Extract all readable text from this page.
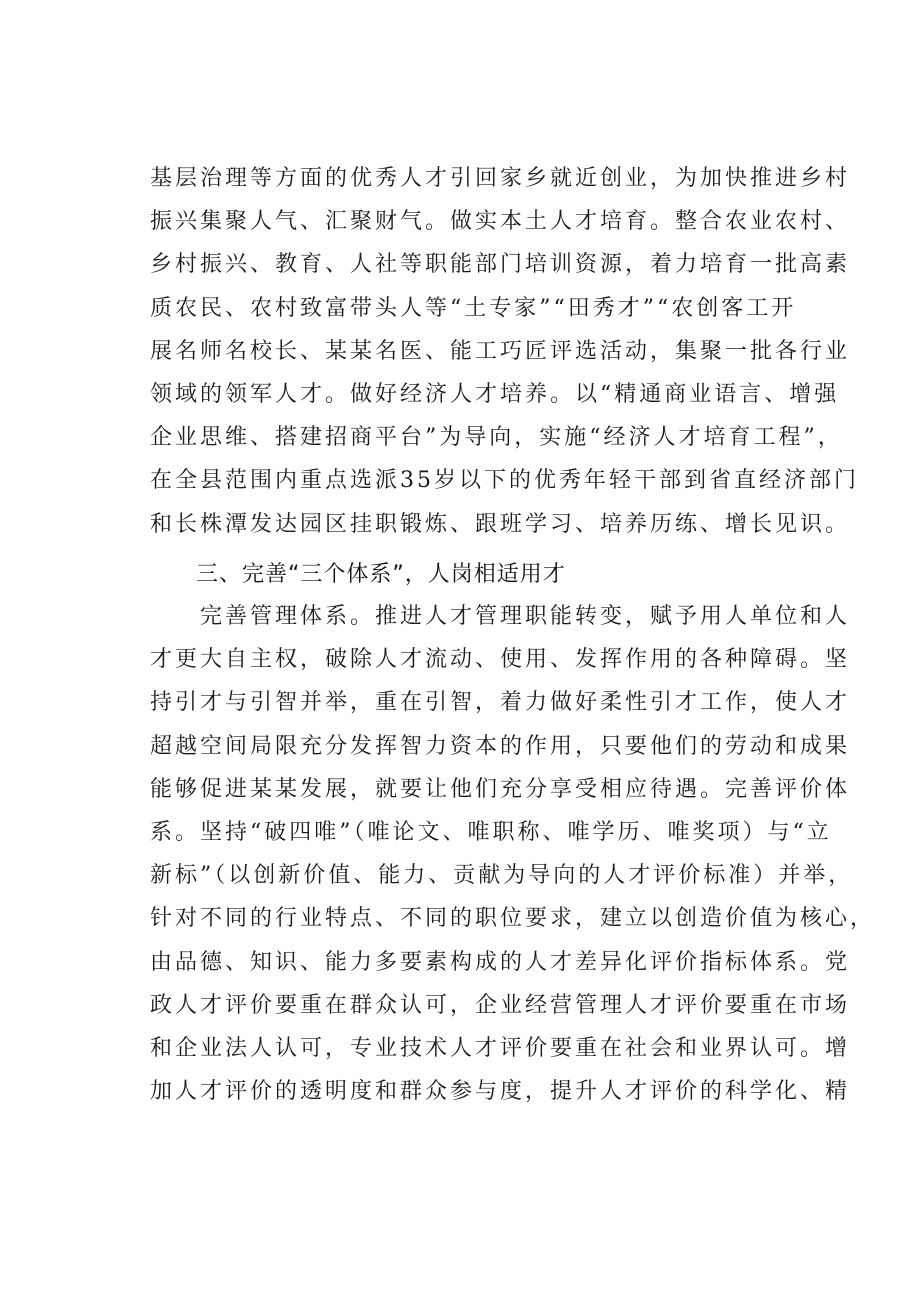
基层治理等方面的优秀人才引回家乡就近创业，为加快推进乡村
振兴集聚人气、汇聚财气。做实本土人才培育。整合农业农村、
乡村振兴、教育、人社等职能部门培训资源，着力培育一批高素
质农民、农村致富带头人等“土专家”“田秀才”“农创客工开
展名师名校长、某某名医、能工巧匠评选活动，集聚一批各行业
领域的领军人才。做好经济人才培养。以“精通商业语言、增强
企业思维、搭建招商平台”为导向，实施“经济人才培育工程”，
在全县范围内重点选派35岁以下的优秀年轻干部到省直经济部门
和长株潭发达园区挂职锻炼、跟班学习、培养历练、增长见识。
三、完善“三个体系”，人岗相适用才
完善管理体系。推进人才管理职能转变，赋予用人单位和人
才更大自主权，破除人才流动、使用、发挥作用的各种障碍。坚
持引才与引智并举，重在引智，着力做好柔性引才工作，使人才
超越空间局限充分发挥智力资本的作用，只要他们的劳动和成果
能够促进某某发展，就要让他们充分享受相应待遇。完善评价体
系。坚持“破四唯”（唯论文、唯职称、唯学历、唯奖项）与“立
新标”（以创新价值、能力、贡献为导向的人才评价标准）并举，
针对不同的行业特点、不同的职位要求，建立以创造价值为核心，
由品德、知识、能力多要素构成的人才差异化评价指标体系。党
政人才评价要重在群众认可，企业经营管理人才评价要重在市场
和企业法人认可，专业技术人才评价要重在社会和业界认可。增
加人才评价的透明度和群众参与度，提升人才评价的科学化、精
